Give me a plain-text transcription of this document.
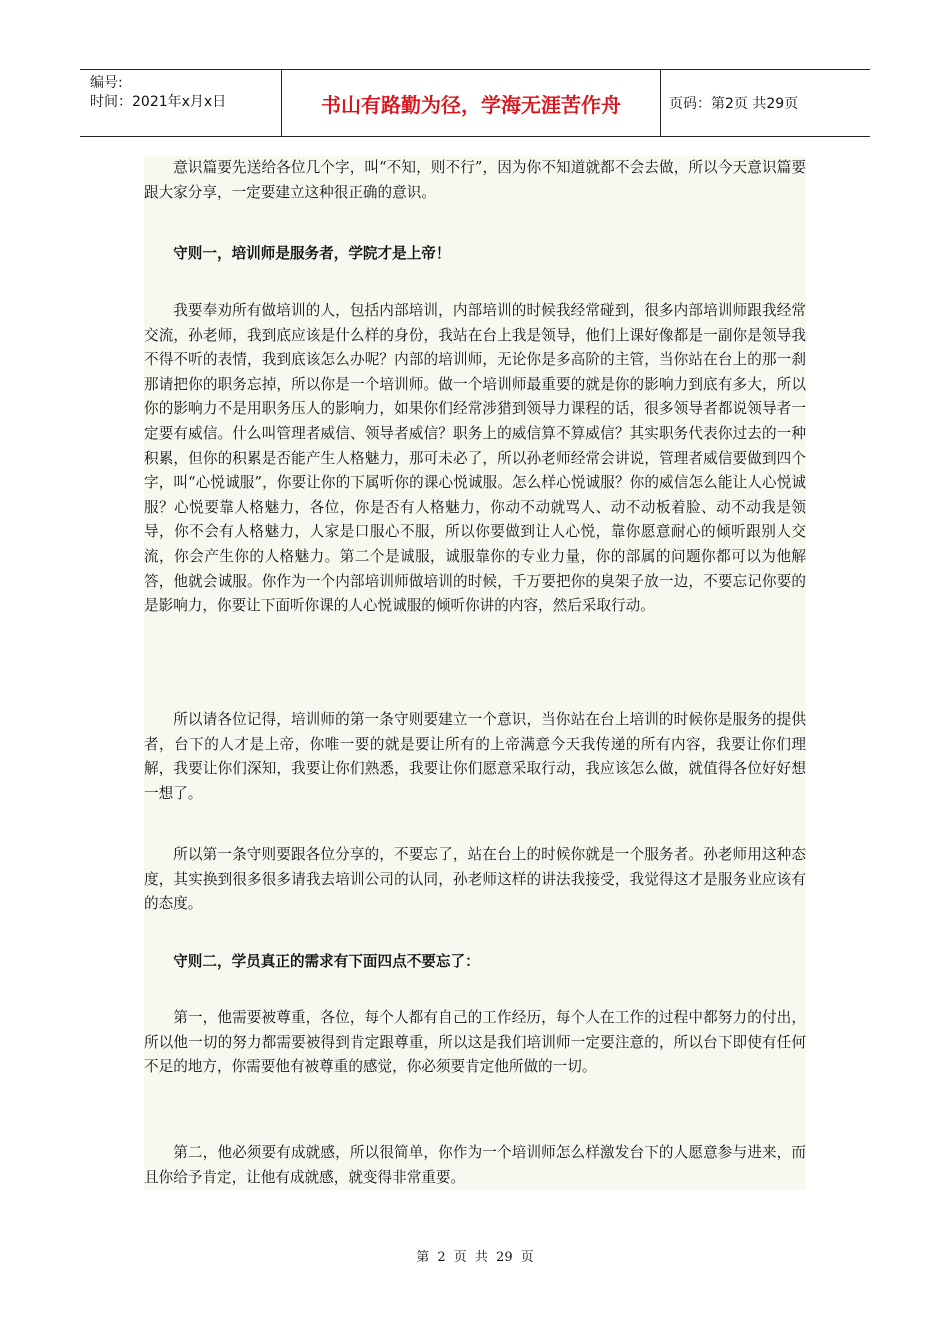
编号:
时间：2021年x月x日	书山有路勤为径，学海无涯苦作舟	页码：第2页 共29页

意识篇要先送给各位几个字，叫“不知，则不行”，因为你不知道就都不会去做，所以今天意识篇要跟大家分享，一定要建立这种很正确的意识。

守则一，培训师是服务者，学院才是上帝！

我要奉劝所有做培训的人，包括内部培训，内部培训的时候我经常碰到，很多内部培训师跟我经常交流，孙老师，我到底应该是什么样的身份，我站在台上我是领导，他们上课好像都是一副你是领导我不得不听的表情，我到底该怎么办呢？内部的培训师，无论你是多高阶的主管，当你站在台上的那一刹那请把你的职务忘掉，所以你是一个培训师。做一个培训师最重要的就是你的影响力到底有多大，所以你的影响力不是用职务压人的影响力，如果你们经常涉猎到领导力课程的话，很多领导者都说领导者一定要有威信。什么叫管理者威信、领导者威信？职务上的威信算不算威信？其实职务代表你过去的一种积累，但你的积累是否能产生人格魅力，那可未必了，所以孙老师经常会讲说，管理者威信要做到四个字，叫“心悦诚服”，你要让你的下属听你的课心悦诚服。怎么样心悦诚服？你的威信怎么能让人心悦诚服？心悦要靠人格魅力，各位，你是否有人格魅力，你动不动就骂人、动不动板着脸、动不动我是领导，你不会有人格魅力，人家是口服心不服，所以你要做到让人心悦，靠你愿意耐心的倾听跟别人交流，你会产生你的人格魅力。第二个是诚服，诚服靠你的专业力量，你的部属的问题你都可以为他解答，他就会诚服。你作为一个内部培训师做培训的时候，千万要把你的臭架子放一边，不要忘记你要的是影响力，你要让下面听你课的人心悦诚服的倾听你讲的内容，然后采取行动。

所以请各位记得，培训师的第一条守则要建立一个意识，当你站在台上培训的时候你是服务的提供者，台下的人才是上帝，你唯一要的就是要让所有的上帝满意今天我传递的所有内容，我要让你们理解，我要让你们深知，我要让你们熟悉，我要让你们愿意采取行动，我应该怎么做，就值得各位好好想一想了。

所以第一条守则要跟各位分享的，不要忘了，站在台上的时候你就是一个服务者。孙老师用这种态度，其实换到很多很多请我去培训公司的认同，孙老师这样的讲法我接受，我觉得这才是服务业应该有的态度。

守则二，学员真正的需求有下面四点不要忘了：

第一，他需要被尊重，各位，每个人都有自己的工作经历，每个人在工作的过程中都努力的付出，所以他一切的努力都需要被得到肯定跟尊重，所以这是我们培训师一定要注意的，所以台下即使有任何不足的地方，你需要他有被尊重的感觉，你必须要肯定他所做的一切。

第二，他必须要有成就感，所以很简单，你作为一个培训师怎么样激发台下的人愿意参与进来，而且你给予肯定，让他有成就感，就变得非常重要。

第 2 页 共 29 页
